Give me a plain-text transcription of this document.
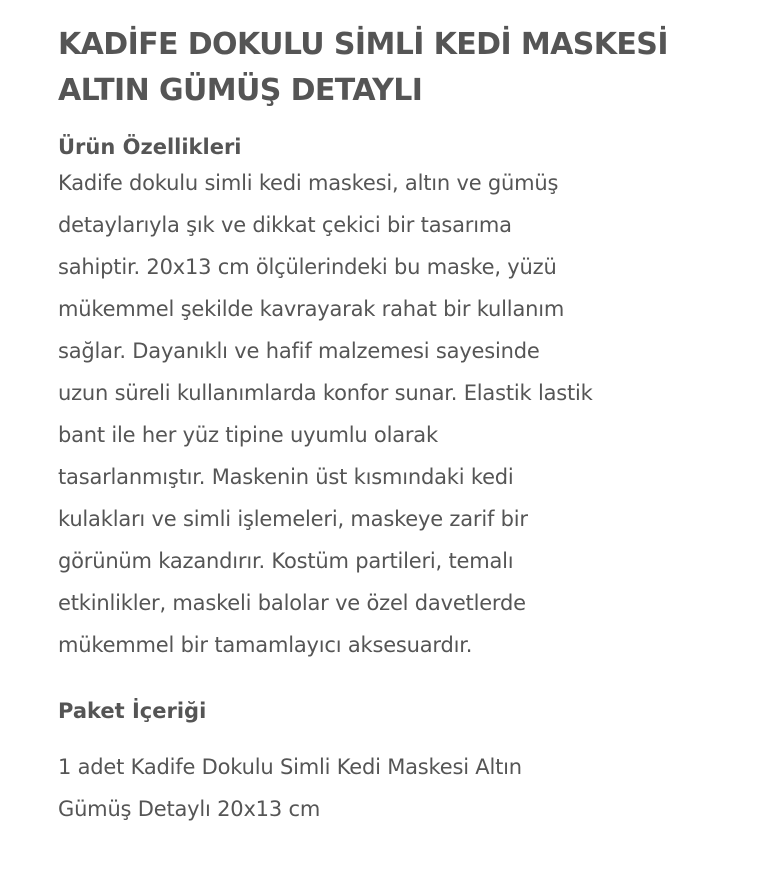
KADİFE DOKULU SİMLİ KEDİ MASKESİ
ALTIN GÜMÜŞ DETAYLI
Ürün Özellikleri
Kadife dokulu simli kedi maskesi, altın ve gümüş
detaylarıyla şık ve dikkat çekici bir tasarıma
sahiptir. 20x13 cm ölçülerindeki bu maske, yüzü
mükemmel şekilde kavrayarak rahat bir kullanım
sağlar. Dayanıklı ve hafif malzemesi sayesinde
uzun süreli kullanımlarda konfor sunar. Elastik lastik
bant ile her yüz tipine uyumlu olarak
tasarlanmıştır. Maskenin üst kısmındaki kedi
kulakları ve simli işlemeleri, maskeye zarif bir
görünüm kazandırır. Kostüm partileri, temalı
etkinlikler, maskeli balolar ve özel davetlerde
mükemmel bir tamamlayıcı aksesuardır.
Paket İçeriği
1 adet Kadife Dokulu Simli Kedi Maskesi Altın
Gümüş Detaylı 20x13 cm
